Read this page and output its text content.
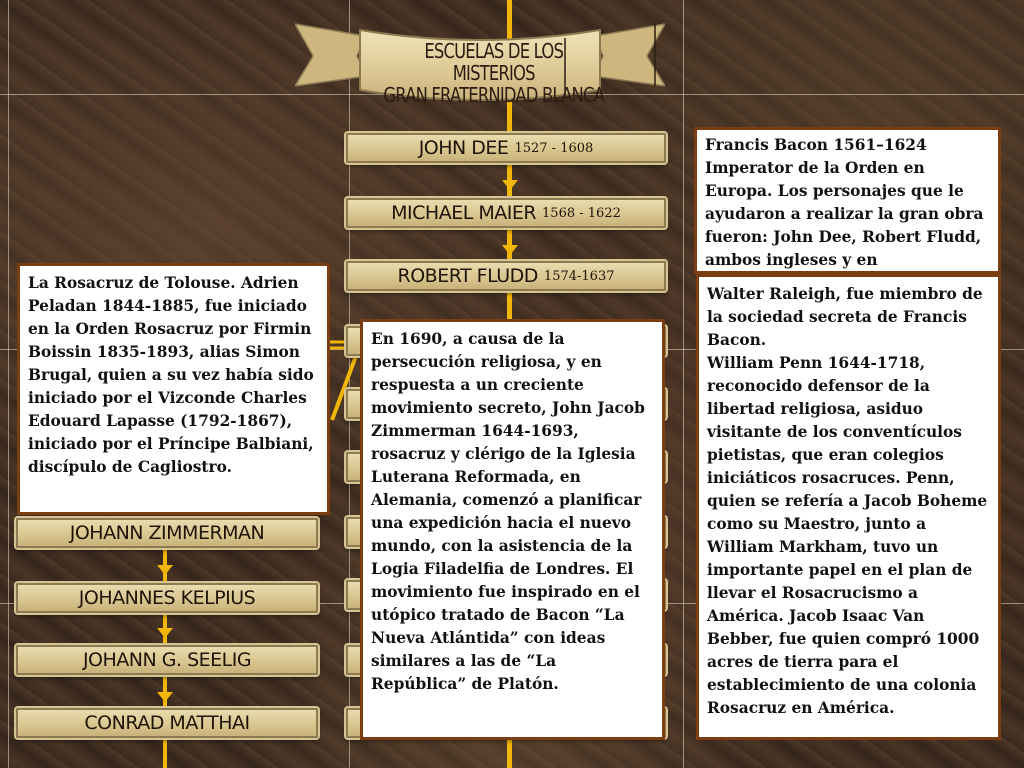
ESCUELAS DE LOS MISTERIOS
GRAN FRATERNIDAD BLANCA
JOHN DEE 1527 - 1608
MICHAEL MAIER 1568 - 1622
ROBERT FLUDD 1574-1637
JOHANN ZIMMERMAN
JOHANNES KELPIUS
JOHANN G. SEELIG
CONRAD MATTHAI

Francis Bacon 1561–1624 Imperator de la Orden en Europa. Los personajes que le ayudaron a realizar la gran obra fueron: John Dee, Robert Fludd, ambos ingleses y en

La Rosacruz de Tolouse. Adrien Peladan 1844-1885, fue iniciado en la Orden Rosacruz por Firmin Boissin 1835-1893, alias Simon Brugal, quien a su vez había sido iniciado por el Vizconde Charles Edouard Lapasse (1792-1867), iniciado por el Príncipe Balbiani, discípulo de Cagliostro.

En 1690, a causa de la persecución religiosa, y en respuesta a un creciente movimiento secreto, John Jacob Zimmerman 1644-1693, rosacruz y clérigo de la Iglesia Luterana Reformada, en Alemania, comenzó a planificar una expedición hacia el nuevo mundo, con la asistencia de la Logia Filadelfia de Londres. El movimiento fue inspirado en el utópico tratado de Bacon “La Nueva Atlántida” con ideas similares a las de “La República” de Platón.

Walter Raleigh, fue miembro de la sociedad secreta de Francis Bacon.

William Penn 1644-1718, reconocido defensor de la libertad religiosa, asiduo visitante de los conventículos pietistas, que eran colegios iniciáticos rosacruces. Penn, quien se refería a Jacob Boheme como su Maestro, junto a William Markham, tuvo un importante papel en el plan de llevar el Rosacrucismo a América. Jacob Isaac Van Bebber, fue quien compró 1000 acres de tierra para el establecimiento de una colonia Rosacruz en América.
